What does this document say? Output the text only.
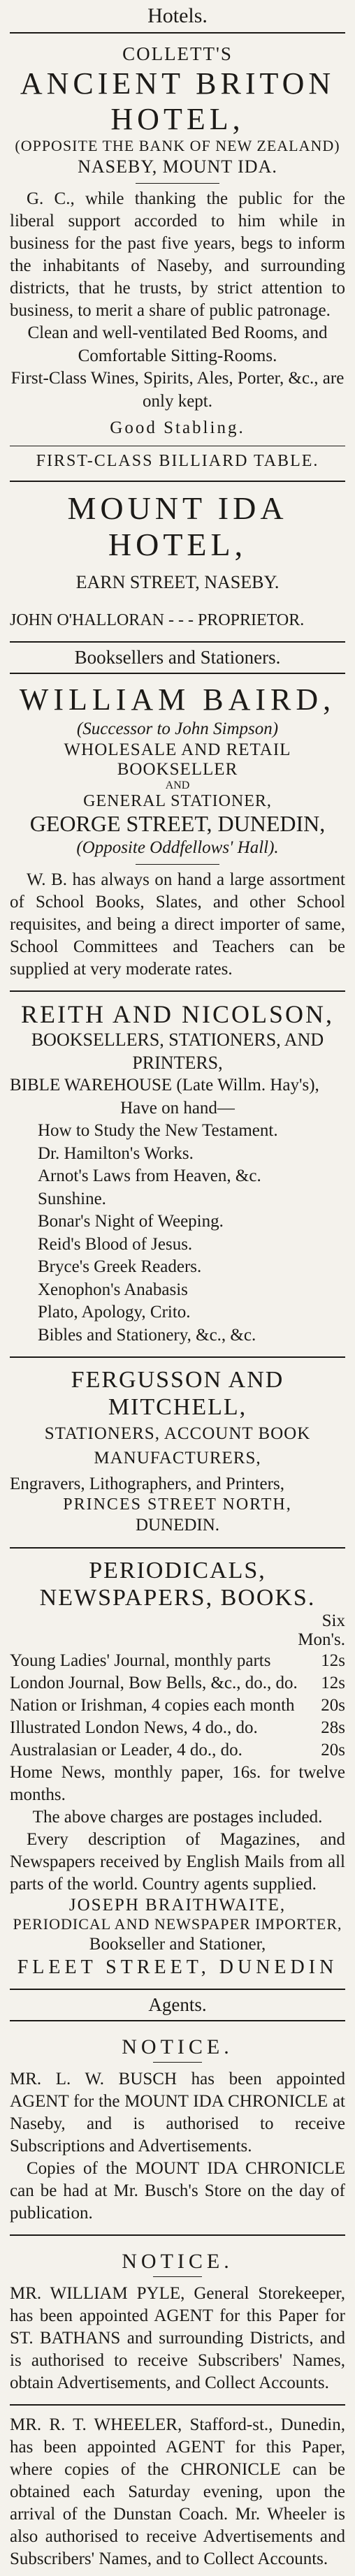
Hotels.
COLLETT'S
ANCIENT BRITON HOTEL,
(OPPOSITE THE BANK OF NEW ZEALAND)
NASEBY, MOUNT IDA.
G. C., while thanking the public for the liberal support accorded to him while in business for the past five years, begs to inform the inhabitants of Naseby, and surrounding districts, that he trusts, by strict attention to business, to merit a share of public patronage.
Clean and well-ventilated Bed Rooms, and Comfortable Sitting-Rooms.
First-Class Wines, Spirits, Ales, Porter, &c., are only kept.
Good Stabling.
FIRST-CLASS BILLIARD TABLE.
MOUNT IDA HOTEL,
EARN STREET, NASEBY.
JOHN O'HALLORAN - - - PROPRIETOR.
Booksellers and Stationers.
WILLIAM BAIRD,
(Successor to John Simpson)
WHOLESALE AND RETAIL BOOKSELLER
AND
GENERAL STATIONER,
GEORGE STREET, DUNEDIN,
(Opposite Oddfellows' Hall).
W. B. has always on hand a large assortment of School Books, Slates, and other School requisites, and being a direct importer of same, School Committees and Teachers can be supplied at very moderate rates.
REITH AND NICOLSON,
BOOKSELLERS, STATIONERS, AND PRINTERS,
BIBLE WAREHOUSE (Late Willm. Hay's),
Have on hand—
How to Study the New Testament.
Dr. Hamilton's Works.
Arnot's Laws from Heaven, &c.
Sunshine.
Bonar's Night of Weeping.
Reid's Blood of Jesus.
Bryce's Greek Readers.
Xenophon's Anabasis
Plato, Apology, Crito.
Bibles and Stationery, &c., &c.
FERGUSSON AND MITCHELL,
STATIONERS, ACCOUNT BOOK MANUFACTURERS,
Engravers, Lithographers, and Printers,
PRINCES STREET NORTH,
DUNEDIN.
PERIODICALS, NEWSPAPERS, BOOKS.
Six
Mon's.
Young Ladies' Journal, monthly parts	12s
London Journal, Bow Bells, &c., do., do. 12s
Nation or Irishman, 4 copies each month 20s
Illustrated London News, 4 do., do.	28s
Australasian or Leader, 4 do., do.	20s
Home News, monthly paper, 16s. for twelve months.
The above charges are postages included.
Every description of Magazines, and Newspapers received by English Mails from all parts of the world. Country agents supplied.
JOSEPH BRAITHWAITE,
PERIODICAL AND NEWSPAPER IMPORTER,
Bookseller and Stationer,
FLEET STREET, DUNEDIN
Agents.
NOTICE.
MR. L. W. BUSCH has been appointed AGENT for the MOUNT IDA CHRONICLE at Naseby, and is authorised to receive Subscriptions and Advertisements.
Copies of the MOUNT IDA CHRONICLE can be had at Mr. Busch's Store on the day of publication.
NOTICE.
MR. WILLIAM PYLE, General Storekeeper, has been appointed AGENT for this Paper for ST. BATHANS and surrounding Districts, and is authorised to receive Subscribers' Names, obtain Advertisements, and Collect Accounts.
MR. R. T. WHEELER, Stafford-st., Dunedin, has been appointed AGENT for this Paper, where copies of the CHRONICLE can be obtained each Saturday evening, upon the arrival of the Dunstan Coach. Mr. Wheeler is also authorised to receive Advertisements and Subscribers' Names, and to Collect Accounts.
